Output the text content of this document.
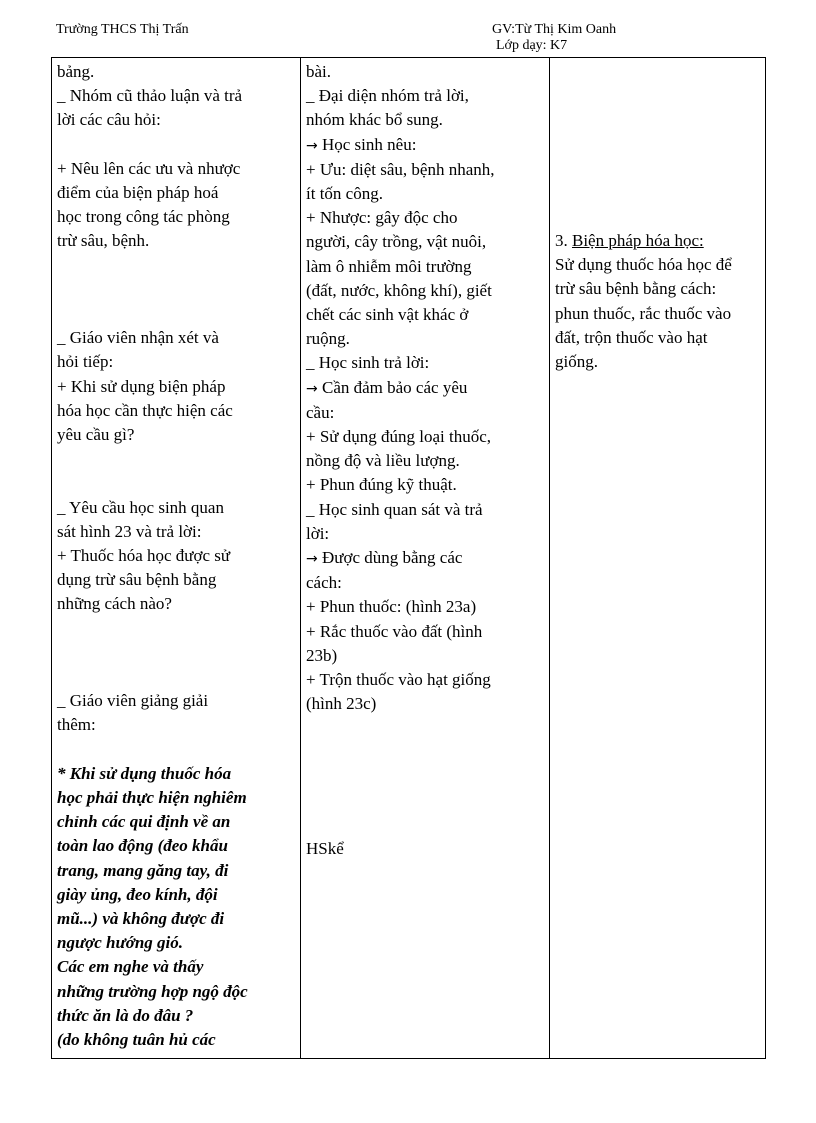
Trường THCS Thị Trấn	GV:Từ Thị Kim Oanh
Lớp dạy: K7
bảng.
_ Nhóm cũ thảo luận và trả
lời các câu hỏi:
+ Nêu lên các ưu và nhược
điểm của biện pháp hoá
học trong công tác phòng
trừ sâu, bệnh.
_ Giáo viên nhận xét và
hỏi tiếp:
+ Khi sử dụng biện pháp
hóa học cần thực hiện các
yêu cầu gì?
_ Yêu cầu học sinh quan
sát hình 23 và trả lời:
+ Thuốc hóa học được sử
dụng trừ sâu bệnh bằng
những cách nào?
_ Giáo viên giảng giải
thêm:
* Khi sử dụng thuốc hóa
học phải thực hiện nghiêm
chỉnh các qui định về an
toàn lao động (đeo khẩu
trang, mang găng tay, đi
giày ủng, đeo kính, đội
mũ...) và không được đi
ngược hướng gió.
Các em nghe và thấy
những trường hợp ngộ độc
thức ăn là do đâu ?
(do không tuân hủ các

bài.
_ Đại diện nhóm trả lời,
nhóm khác bổ sung.
→ Học sinh nêu:
+ Ưu: diệt sâu, bệnh nhanh,
ít tốn công.
+ Nhược: gây độc cho
người, cây trồng, vật nuôi,
làm ô nhiễm môi trường
(đất, nước, không khí), giết
chết các sinh vật khác ở
ruộng.
_ Học sinh trả lời:
→ Cần đảm bảo các yêu
cầu:
+ Sử dụng đúng loại thuốc,
nồng độ và liều lượng.
+ Phun đúng kỹ thuật.
_ Học sinh quan sát và trả
lời:
→ Được dùng bằng các
cách:
+ Phun thuốc: (hình 23a)
+ Rắc thuốc vào đất (hình
23b)
+ Trộn thuốc vào hạt giống
(hình 23c)
HSkể

3. Biện pháp hóa học:
Sử dụng thuốc hóa học để
trừ sâu bệnh bằng cách:
phun thuốc, rắc thuốc vào
đất, trộn thuốc vào hạt
giống.
